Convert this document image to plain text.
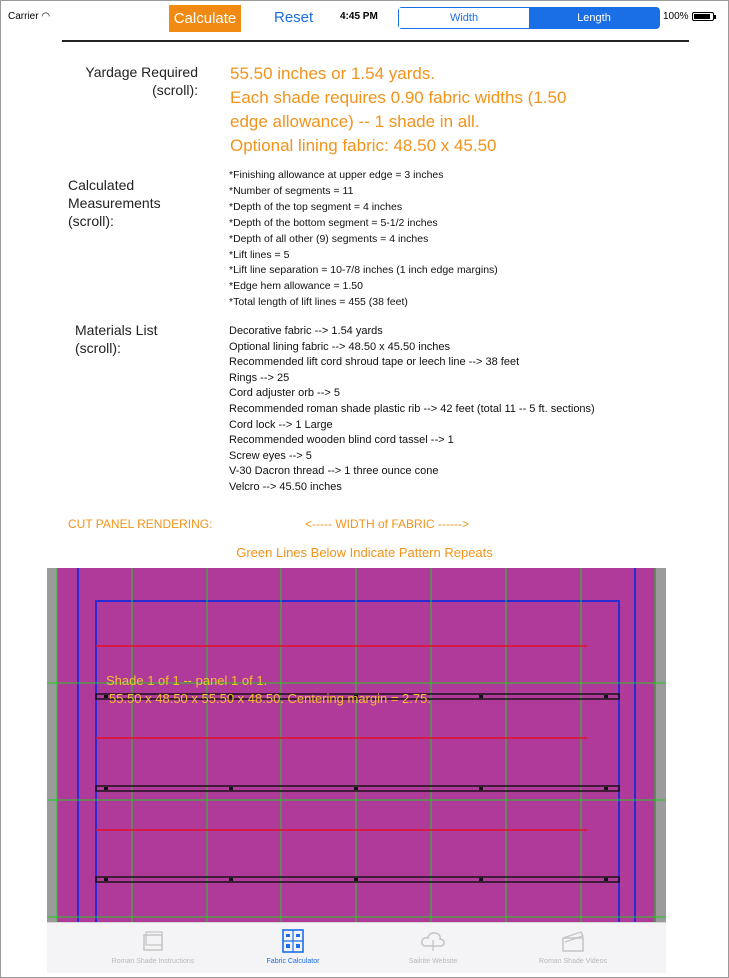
Carrier ◠	4:45 PM	100%
Calculate	Reset	Width	Length
Yardage Required
(scroll):
55.50 inches or 1.54 yards.
Each shade requires 0.90 fabric widths (1.50
edge allowance) -- 1 shade in all.
Optional lining fabric: 48.50 x 45.50
Calculated
Measurements
(scroll):
*Finishing allowance at upper edge = 3 inches
*Number of segments = 11
*Depth of the top segment = 4 inches
*Depth of the bottom segment = 5-1/2 inches
*Depth of all other (9) segments = 4 inches
*Lift lines = 5
*Lift line separation = 10-7/8 inches (1 inch edge margins)
*Edge hem allowance = 1.50
*Total length of lift lines = 455 (38 feet)
Materials List
(scroll):
Decorative fabric --> 1.54 yards
Optional lining fabric --> 48.50 x 45.50 inches
Recommended lift cord shroud tape or leech line --> 38 feet
Rings --> 25
Cord adjuster orb --> 5
Recommended roman shade plastic rib --> 42 feet (total 11 -- 5 ft. sections)
Cord lock --> 1 Large
Recommended wooden blind cord tassel --> 1
Screw eyes --> 5
V-30 Dacron thread --> 1 three ounce cone
Velcro --> 45.50 inches
CUT PANEL RENDERING:	<----- WIDTH of FABRIC ------>
Green Lines Below Indicate Pattern Repeats
Shade 1 of 1 -- panel 1 of 1.
55.50 x 48.50 x 55.50 x 48.50. Centering margin = 2.75.
Roman Shade Instructions	Fabric Calculator	Sailrite Website	Roman Shade Videos
